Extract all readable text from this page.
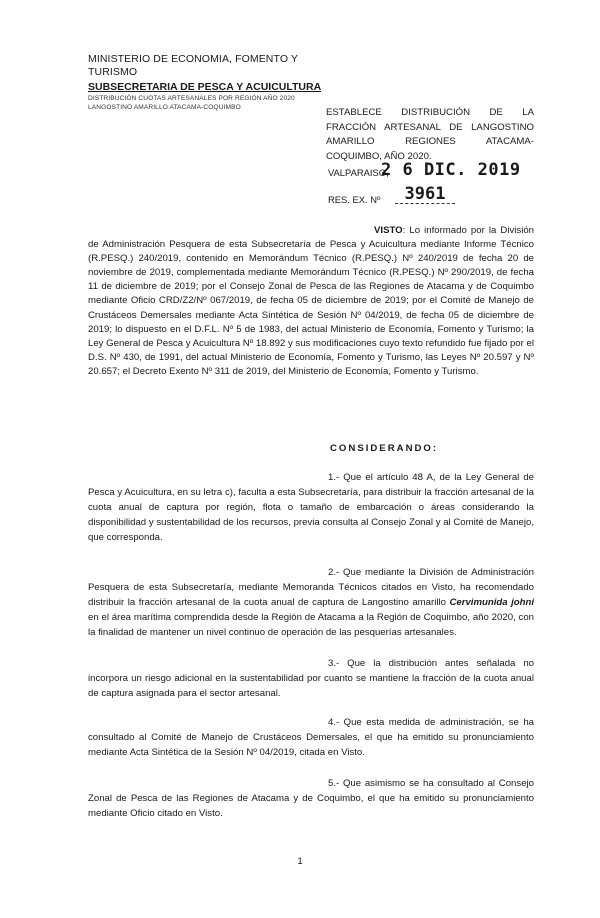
MINISTERIO DE ECONOMIA, FOMENTO Y TURISMO
SUBSECRETARIA DE PESCA Y ACUICULTURA
DISTRIBUCIÓN CUOTAS ARTESANALES POR REGIÓN AÑO 2020
LANGOSTINO AMARILLO ATACAMA-COQUIMBO	ESTABLECE DISTRIBUCIÓN DE LA FRACCIÓN ARTESANAL DE LANGOSTINO AMARILLO REGIONES ATACAMA-COQUIMBO, AÑO 2020.
VALPARAISO,
2 6 DIC. 2019
RES. EX. Nº	3961
VISTO: Lo informado por la División de Administración Pesquera de esta Subsecretaría de Pesca y Acuicultura mediante Informe Técnico (R.PESQ.) 240/2019, contenido en Memorándum Técnico (R.PESQ.) Nº 240/2019 de fecha 20 de noviembre de 2019, complementada mediante Memorándum Técnico (R.PESQ.) Nº 290/2019, de fecha 11 de diciembre de 2019; por el Consejo Zonal de Pesca de las Regiones de Atacama y de Coquimbo mediante Oficio CRD/Z2/Nº 067/2019, de fecha 05 de diciembre de 2019; por el Comité de Manejo de Crustáceos Demersales mediante Acta Sintética de Sesión Nº 04/2019, de fecha 05 de diciembre de 2019; lo dispuesto en el D.F.L. Nº 5 de 1983, del actual Ministerio de Economía, Fomento y Turismo; la Ley General de Pesca y Acuicultura Nº 18.892 y sus modificaciones cuyo texto refundido fue fijado por el D.S. Nº 430, de 1991, del actual Ministerio de Economía, Fomento y Turismo, las Leyes Nº 20.597 y Nº 20.657; el Decreto Exento Nº 311 de 2019, del Ministerio de Economía, Fomento y Turismo.
CONSIDERANDO:
1.- Que el artículo 48 A, de la Ley General de Pesca y Acuicultura, en su letra c), faculta a esta Subsecretaría, para distribuir la fracción artesanal de la cuota anual de captura por región, flota o tamaño de embarcación o áreas considerando la disponibilidad y sustentabilidad de los recursos, previa consulta al Consejo Zonal y al Comité de Manejo, que corresponda.
2.- Que mediante la División de Administración Pesquera de esta Subsecretaría, mediante Memoranda Técnicos citados en Visto, ha recomendado distribuir la fracción artesanal de la cuota anual de captura de Langostino amarillo Cervimunida johni en el área marítima comprendida desde la Región de Atacama a la Región de Coquimbo, año 2020, con la finalidad de mantener un nivel continuo de operación de las pesquerías artesanales.
3.- Que la distribución antes señalada no incorpora un riesgo adicional en la sustentabilidad por cuanto se mantiene la fracción de la cuota anual de captura asignada para el sector artesanal.
4.- Que esta medida de administración, se ha consultado al Comité de Manejo de Crustáceos Demersales, el que ha emitido su pronunciamiento mediante Acta Sintética de la Sesión Nº 04/2019, citada en Visto.
5.- Que asimismo se ha consultado al Consejo Zonal de Pesca de las Regiones de Atacama y de Coquimbo, el que ha emitido su pronunciamiento mediante Oficio citado en Visto.
1
